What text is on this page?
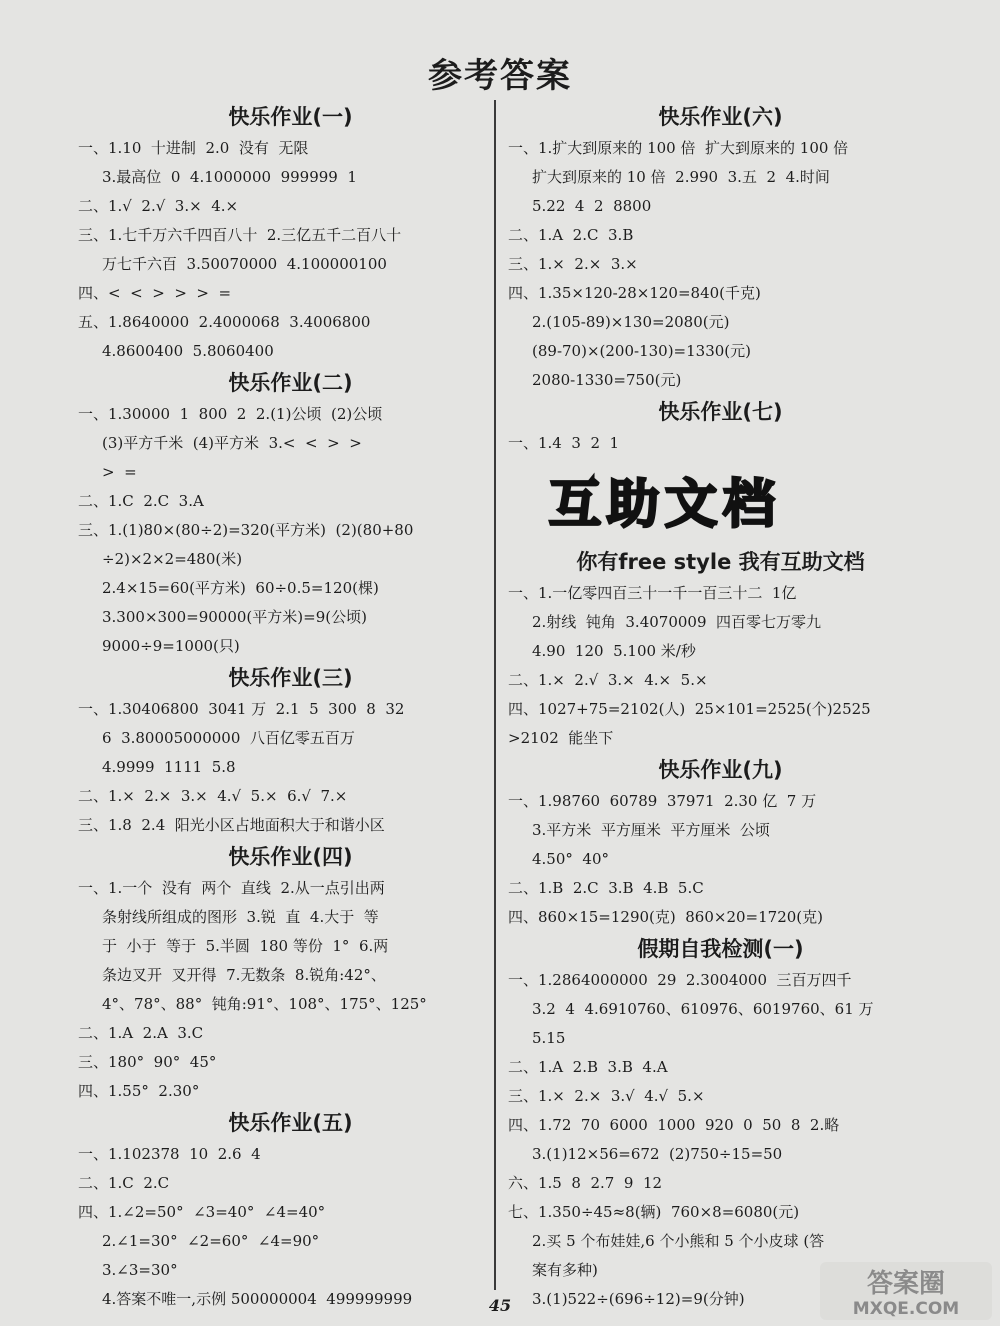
参考答案
快乐作业(一)
一、1.10  十进制  2.0  没有  无限
3.最高位  0  4.1000000  999999  1
二、1.√  2.√  3.×  4.×
三、1.七千万六千四百八十  2.三亿五千二百八十
万七千六百  3.50070000  4.100000100
四、<  <  >  >  >  =
五、1.8640000  2.4000068  3.4006800
4.8600400  5.8060400
快乐作业(二)
一、1.30000  1  800  2  2.(1)公顷  (2)公顷
(3)平方千米  (4)平方米  3.<  <  >  >
>  =
二、1.C  2.C  3.A
三、1.(1)80×(80÷2)=320(平方米)  (2)(80+80
÷2)×2×2=480(米)
2.4×15=60(平方米)  60÷0.5=120(棵)
3.300×300=90000(平方米)=9(公顷)
9000÷9=1000(只)
快乐作业(三)
一、1.30406800  3041 万  2.1  5  300  8  32
6  3.80005000000  八百亿零五百万
4.9999  1111  5.8
二、1.×  2.×  3.×  4.√  5.×  6.√  7.×
三、1.8  2.4  阳光小区占地面积大于和谐小区
快乐作业(四)
一、1.一个  没有  两个  直线  2.从一点引出两
条射线所组成的图形  3.锐  直  4.大于  等
于  小于  等于  5.半圆  180 等份  1°  6.两
条边叉开  叉开得  7.无数条  8.锐角:42°、
4°、78°、88°  钝角:91°、108°、175°、125°
二、1.A  2.A  3.C
三、180°  90°  45°
四、1.55°  2.30°
快乐作业(五)
一、1.102378  10  2.6  4
二、1.C  2.C
四、1.∠2=50°  ∠3=40°  ∠4=40°
2.∠1=30°  ∠2=60°  ∠4=90°
3.∠3=30°
4.答案不唯一,示例 500000004  499999999
快乐作业(六)
一、1.扩大到原来的 100 倍  扩大到原来的 100 倍
扩大到原来的 10 倍  2.990  3.五  2  4.时间
5.22  4  2  8800
二、1.A  2.C  3.B
三、1.×  2.×  3.×
四、1.35×120-28×120=840(千克)
2.(105-89)×130=2080(元)
(89-70)×(200-130)=1330(元)
2080-1330=750(元)
快乐作业(七)
一、1.4  3  2  1
你有free style 我有互助文档
一、1.一亿零四百三十一千一百三十二  1亿
2.射线  钝角  3.4070009  四百零七万零九
4.90  120  5.100 米/秒
二、1.×  2.√  3.×  4.×  5.×
四、1027+75=2102(人)  25×101=2525(个)2525
>2102  能坐下
快乐作业(九)
一、1.98760  60789  37971  2.30 亿  7 万
3.平方米  平方厘米  平方厘米  公顷
4.50°  40°
二、1.B  2.C  3.B  4.B  5.C
四、860×15=1290(克)  860×20=1720(克)
假期自我检测(一)
一、1.2864000000  29  2.3004000  三百万四千
3.2  4  4.6910760、610976、6019760、61 万
5.15
二、1.A  2.B  3.B  4.A
三、1.×  2.×  3.√  4.√  5.×
四、1.72  70  6000  1000  920  0  50  8  2.略
3.(1)12×56=672  (2)750÷15=50
六、1.5  8  2.7  9  12
七、1.350÷45≈8(辆)  760×8=6080(元)
2.买 5 个布娃娃,6 个小熊和 5 个小皮球 (答
案有多种)
3.(1)522÷(696÷12)=9(分钟)
互助文档
45
答案圈
MXQE.COM
